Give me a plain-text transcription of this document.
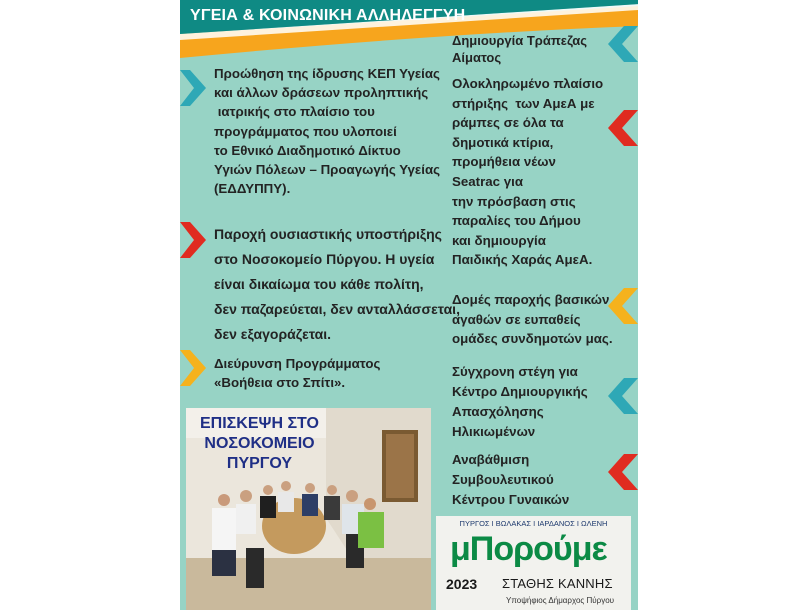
ΥΓΕΙΑ & ΚΟΙΝΩΝΙΚΗ ΑΛΛΗΛΕΓΓΥΗ
Προώθηση της ίδρυσης ΚΕΠ Υγείας
και άλλων δράσεων προληπτικής
ιατρικής στο πλαίσιο του
προγράμματος που υλοποιεί
το Εθνικό Διαδημοτικό Δίκτυο
Υγιών Πόλεων – Προαγωγής Υγείας
(ΕΔΔΥΠΠΥ).
Παροχή ουσιαστικής υποστήριξης
στο Νοσοκομείο Πύργου. Η υγεία
είναι δικαίωμα του κάθε πολίτη,
δεν παζαρεύεται, δεν ανταλλάσσεται,
δεν εξαγοράζεται.
Διεύρυνση Προγράμματος
«Βοήθεια στο Σπίτι».
Δημιουργία Τράπεζας
Αίματος
Ολοκληρωμένο πλαίσιο
στήριξης  των ΑμεΑ με
ράμπες σε όλα τα
δημοτικά κτίρια,
προμήθεια νέων
Seatrac για
την πρόσβαση στις
παραλίες του Δήμου
και δημιουργία
Παιδικής Χαράς ΑμεΑ.
Δομές παροχής βασικών
αγαθών σε ευπαθείς
ομάδες συνδημοτών μας.
Σύγχρονη στέγη για
Κέντρο Δημιουργικής
Απασχόλησης
Ηλικιωμένων
Αναβάθμιση
Συμβουλευτικού
Κέντρου Γυναικών
ΕΠΙΣΚΕΨΗ ΣΤΟ
ΝΟΣΟΚΟΜΕΙΟ
ΠΥΡΓΟΥ
ΠΥΡΓΟΣ Ι ΒΩΛΑΚΑΣ Ι ΙΑΡΔΑΝΟΣ Ι ΩΛΕΝΗ
μΠορούμε
2023 ΣΤΑΘΗΣ ΚΑΝΝΗΣ
Υποψήφιος Δήμαρχος Πύργου
